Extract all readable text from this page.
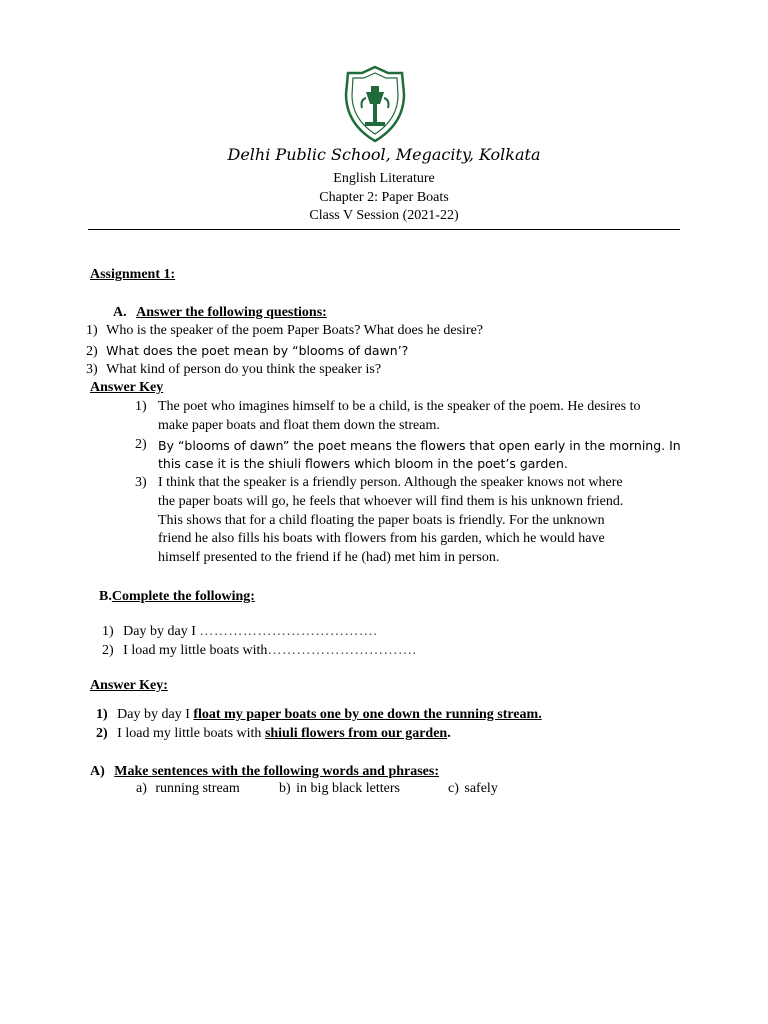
Delhi Public School, Megacity, Kolkata
English Literature
Chapter 2: Paper Boats
Class V Session (2021-22)
Assignment 1:
A. Answer the following questions:
1) Who is the speaker of the poem Paper Boats? What does he desire?
2) What does the poet mean by “blooms of dawn’?
3) What kind of person do you think the speaker is?
Answer Key
1) The poet who imagines himself to be a child, is the speaker of the poem. He desires to
make paper boats and float them down the stream.
2) By “blooms of dawn” the poet means the flowers that open early in the morning. In
this case it is the shiuli flowers which bloom in the poet’s garden.
3) I think that the speaker is a friendly person. Although the speaker knows not where
the paper boats will go, he feels that whoever will find them is his unknown friend.
This shows that for a child floating the paper boats is friendly. For the unknown
friend he also fills his boats with flowers from his garden, which he would have
himself presented to the friend if he (had) met him in person.
B.Complete the following:
1) Day by day I ……………………………….
2) I load my little boats with………………………….
Answer Key:
1) Day by day I float my paper boats one by one down the running stream.
2) I load my little boats with shiuli flowers from our garden.
A) Make sentences with the following words and phrases:
a) running stream	b) in big black letters	c) safely
